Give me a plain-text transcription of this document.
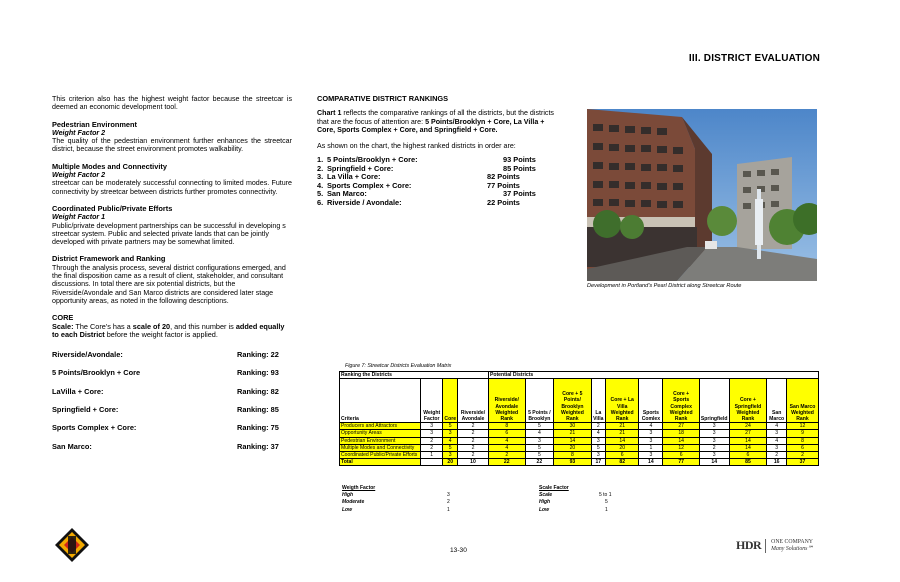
III. DISTRICT EVALUATION

This criterion also has the highest weight factor because the streetcar is deemed an economic development tool.

Pedestrian Environment
Weight Factor 2

The quality of the pedestrian environment further enhances the streetcar district, because the street environment promotes walkability.

Multiple Modes and Connectivity
Weight Factor 2

streetcar can be moderately successful connecting to limited modes. Future connectivity by streetcar between districts further promotes connectivity.

Coordinated Public/Private Efforts
Weight Factor 1

Public/private development partnerships can be successful in developing s streetcar system. Public and selected private lands that can be jointly developed with private partners may be somewhat limited.

District Framework and Ranking

Through the analysis process, several district configurations emerged, and the final disposition came as a result of client, stakeholder, and consultant discussions. In total there are six potential districts, but the Riverside/Avondale and San Marco districts are considered later stage opportunity areas, as noted in the following descriptions.

CORE

Scale: The Core's has a scale of 20, and this number is added equally to each District before the weight factor is applied.

Riverside/Avondale:	Ranking: 22
5 Points/Brooklyn + Core	Ranking: 93
LaVilla + Core:	Ranking: 82
Springfield + Core:	Ranking: 85
Sports Complex + Core:	Ranking: 75
San Marco:	Ranking: 37
COMPARATIVE DISTRICT RANKINGS

Chart 1 reflects the comparative rankings of all the districts, but the districts that are the focus of attention are: 5 Points/Brooklyn + Core, La Villa + Core, Sports Complex + Core, and Springfield + Core.

As shown on the chart, the highest ranked districts in order are:

1. 5 Points/Brooklyn + Core:	93 Points
2. Springfield + Core:	85 Points
3. La Villa + Core:	82 Points
4. Sports Complex + Core:	77 Points
5. San Marco:	37 Points
6. Riverside / Avondale:	22 Points
Development in Portland's Pearl District along Streetcar Route
Figure 7: Streetcar Districts Evaluation Matrix
Ranking the Districts				Potential Districts										
Criteria	Weight Factor	Core	Riverside/ Avondale	Riverside/ Avondale Weighted Rank	5 Points / Brooklyn	Core + 5 Points/ Brooklyn Weighted Rank	La Villa	Core + La Villa Weighted Rank	Sports Comlex	Core + Sports Complex Weighted Rank	Springfield	Core + Springfield Weighted Rank	San Marco	San Marco Weighted Rank
Producers and Attractors	3	5	2	8	5	30	2	21	4	27	3	24	4	12
Opportunity Areas	3	3	2	6	4	21	4	21	3	18	3	27	3	9
Pedestrian Environment	2	4	2	4	3	14	3	14	3	14	3	14	4	8
Multiple Modes and Connectivity	2	5	2	4	5	20	5	20	1	12	2	14	3	6
Coordinated Public/Private Efforts	1	3	2	2	5	8	3	6	3	6	3	6	2	2
Total		20	10	22	22	93	17	82	14	77	14	85	16	37
Weigth Factor
High	3
Moderate	2
Low	1
Scale Factor
Scale	5 to 1
High	5
Low	1
13-30	HDR ONE COMPANY
Many Solutions℠
